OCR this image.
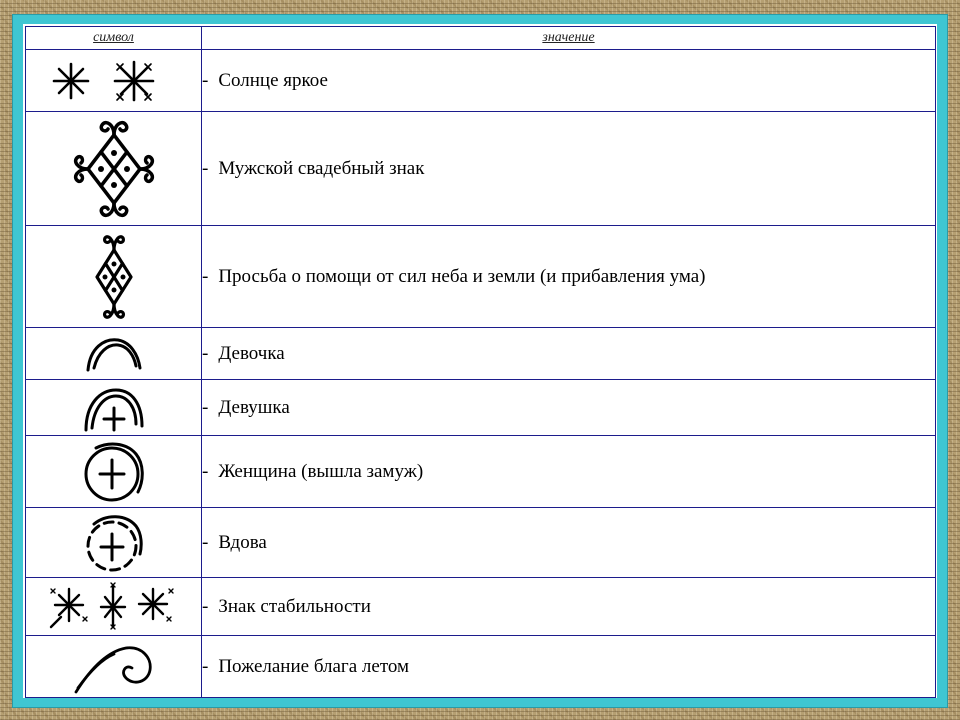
символ	значение

	- Солнце яркое

	- Мужской свадебный знак

	- Просьба о помощи от сил неба и земли (и прибавления ума)

	- Девочка

	- Девушка

	- Женщина (вышла замуж)

	- Вдова

	- Знак стабильности

	- Пожелание блага летом
